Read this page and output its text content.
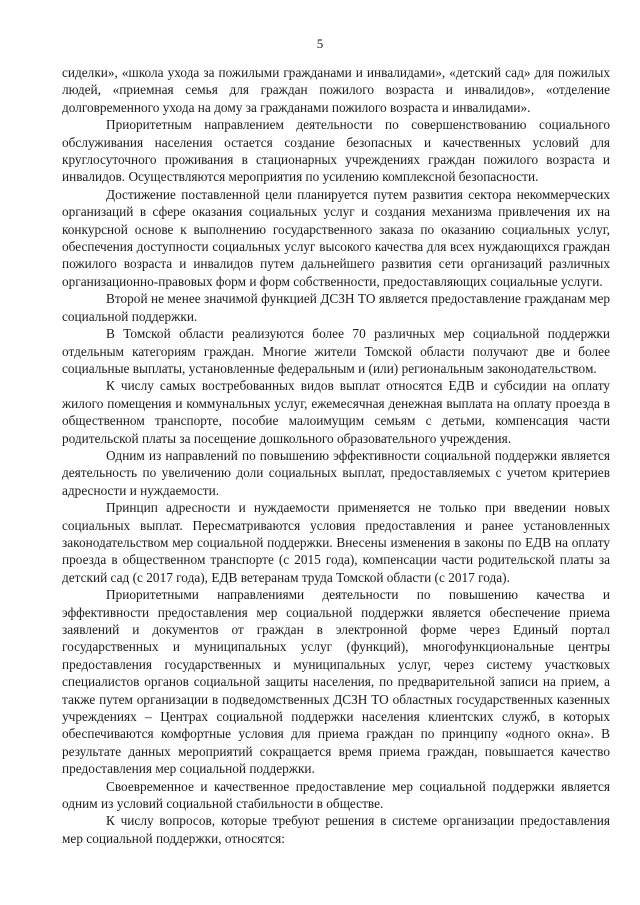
5

сиделки», «школа ухода за пожилыми гражданами и инвалидами», «детский сад» для пожилых людей, «приемная семья для граждан пожилого возраста и инвалидов», «отделение долговременного ухода на дому за гражданами пожилого возраста и инвалидами».

Приоритетным направлением деятельности по совершенствованию социального обслуживания населения остается создание безопасных и качественных условий для круглосуточного проживания в стационарных учреждениях граждан пожилого возраста и инвалидов. Осуществляются мероприятия по усилению комплексной безопасности.

Достижение поставленной цели планируется путем развития сектора некоммерческих организаций в сфере оказания социальных услуг и создания механизма привлечения их на конкурсной основе к выполнению государственного заказа по оказанию социальных услуг, обеспечения доступности социальных услуг высокого качества для всех нуждающихся граждан пожилого возраста и инвалидов путем дальнейшего развития сети организаций различных организационно-правовых форм и форм собственности, предоставляющих социальные услуги.

Второй не менее значимой функцией ДСЗН ТО является предоставление гражданам мер социальной поддержки.

В Томской области реализуются более 70 различных мер социальной поддержки отдельным категориям граждан. Многие жители Томской области получают две и более социальные выплаты, установленные федеральным и (или) региональным законодательством.

К числу самых востребованных видов выплат относятся ЕДВ и субсидии на оплату жилого помещения и коммунальных услуг, ежемесячная денежная выплата на оплату проезда в общественном транспорте, пособие малоимущим семьям с детьми, компенсация части родительской платы за посещение дошкольного образовательного учреждения.

Одним из направлений по повышению эффективности социальной поддержки является деятельность по увеличению доли социальных выплат, предоставляемых с учетом критериев адресности и нуждаемости.

Принцип адресности и нуждаемости применяется не только при введении новых социальных выплат. Пересматриваются условия предоставления и ранее установленных законодательством мер социальной поддержки. Внесены изменения в законы по ЕДВ на оплату проезда в общественном транспорте (с 2015 года), компенсации части родительской платы за детский сад (с 2017 года), ЕДВ ветеранам труда Томской области (с 2017 года).

Приоритетными направлениями деятельности по повышению качества и эффективности предоставления мер социальной поддержки является обеспечение приема заявлений и документов от граждан в электронной форме через Единый портал государственных и муниципальных услуг (функций), многофункциональные центры предоставления государственных и муниципальных услуг, через систему участковых специалистов органов социальной защиты населения, по предварительной записи на прием, а также путем организации в подведомственных ДСЗН ТО областных государственных казенных учреждениях – Центрах социальной поддержки населения клиентских служб, в которых обеспечиваются комфортные условия для приема граждан по принципу «одного окна». В результате данных мероприятий сокращается время приема граждан, повышается качество предоставления мер социальной поддержки.

Своевременное и качественное предоставление мер социальной поддержки является одним из условий социальной стабильности в обществе.

К числу вопросов, которые требуют решения в системе организации предоставления мер социальной поддержки, относятся:
